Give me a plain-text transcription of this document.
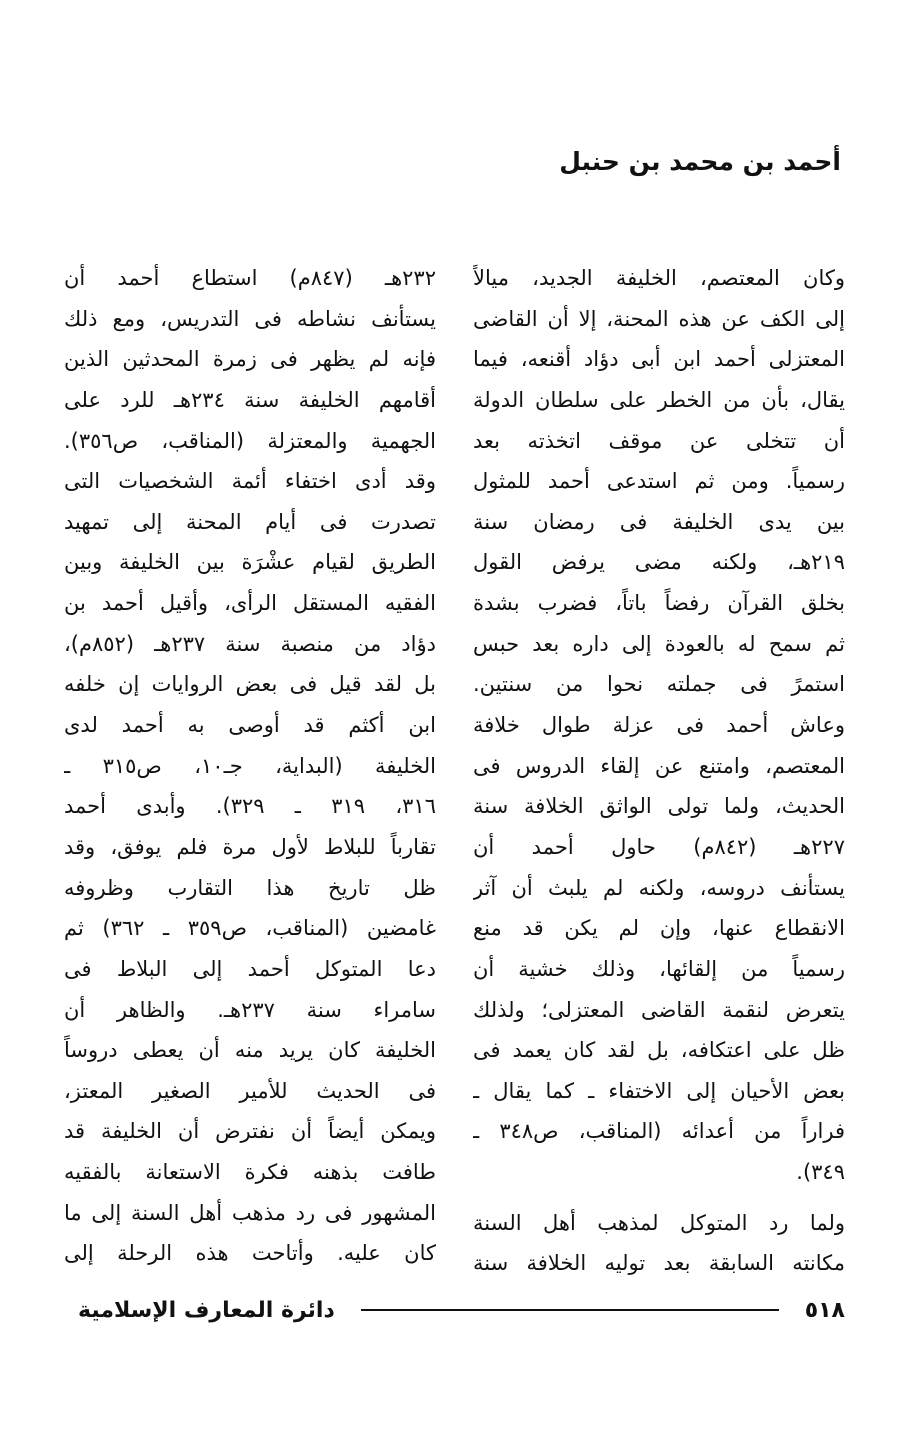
أحمد بن محمد بن حنبل
وكان المعتصم، الخليفة الجديد، ميالاً
إلى الكف عن هذه المحنة، إلا أن القاضى
المعتزلى أحمد ابن أبى دؤاد أقنعه، فيما
يقال، بأن من الخطر على سلطان الدولة
أن تتخلى عن موقف اتخذته بعد
رسمياً. ومن ثم استدعى أحمد للمثول
بين يدى الخليفة فى رمضان سنة
٢١٩هـ، ولكنه مضى يرفض القول
بخلق القرآن رفضاً باتاً، فضرب بشدة
ثم سمح له بالعودة إلى داره بعد حبس
استمرً فى جملته نحوا من سنتين.
وعاش أحمد فى عزلة طوال خلافة
المعتصم، وامتنع عن إلقاء الدروس فى
الحديث، ولما تولى الواثق الخلافة سنة
٢٢٧هـ (٨٤٢م) حاول أحمد أن
يستأنف دروسه، ولكنه لم يلبث أن آثر
الانقطاع عنها، وإن لم يكن قد منع
رسمياً من إلقائها، وذلك خشية أن
يتعرض لنقمة القاضى المعتزلى؛ ولذلك
ظل على اعتكافه، بل لقد كان يعمد فى
بعض الأحيان إلى الاختفاء ـ كما يقال ـ
فراراً من أعدائه (المناقب، ص٣٤٨ ـ
٣٤٩).
ولما رد المتوكل لمذهب أهل السنة
مكانته السابقة بعد توليه الخلافة سنة
٢٣٢هـ (٨٤٧م) استطاع أحمد أن
يستأنف نشاطه فى التدريس، ومع ذلك
فإنه لم يظهر فى زمرة المحدثين الذين
أقامهم الخليفة سنة ٢٣٤هـ للرد على
الجهمية والمعتزلة (المناقب، ص٣٥٦).
وقد أدى اختفاء أئمة الشخصيات التى
تصدرت فى أيام المحنة إلى تمهيد
الطريق لقيام عشْرَة بين الخليفة وبين
الفقيه المستقل الرأى، وأقيل أحمد بن
دؤاد من منصبة سنة ٢٣٧هـ (٨٥٢م)،
بل لقد قيل فى بعض الروايات إن خلفه
ابن أكثم قد أوصى به أحمد لدى
الخليفة (البداية، جـ١٠، ص٣١٥ ـ
٣١٦، ٣١٩ ـ ٣٢٩). وأبدى أحمد
تقارباً للبلاط لأول مرة فلم يوفق، وقد
ظل تاريخ هذا التقارب وظروفه
غامضين (المناقب، ص٣٥٩ ـ ٣٦٢) ثم
دعا المتوكل أحمد إلى البلاط فى
سامراء سنة ٢٣٧هـ. والظاهر أن
الخليفة كان يريد منه أن يعطى دروساً
فى الحديث للأمير الصغير المعتز،
ويمكن أيضاً أن نفترض أن الخليفة قد
طافت بذهنه فكرة الاستعانة بالفقيه
المشهور فى رد مذهب أهل السنة إلى ما
كان عليه. وأتاحت هذه الرحلة إلى
٥١٨
دائرة المعارف الإسلامية
